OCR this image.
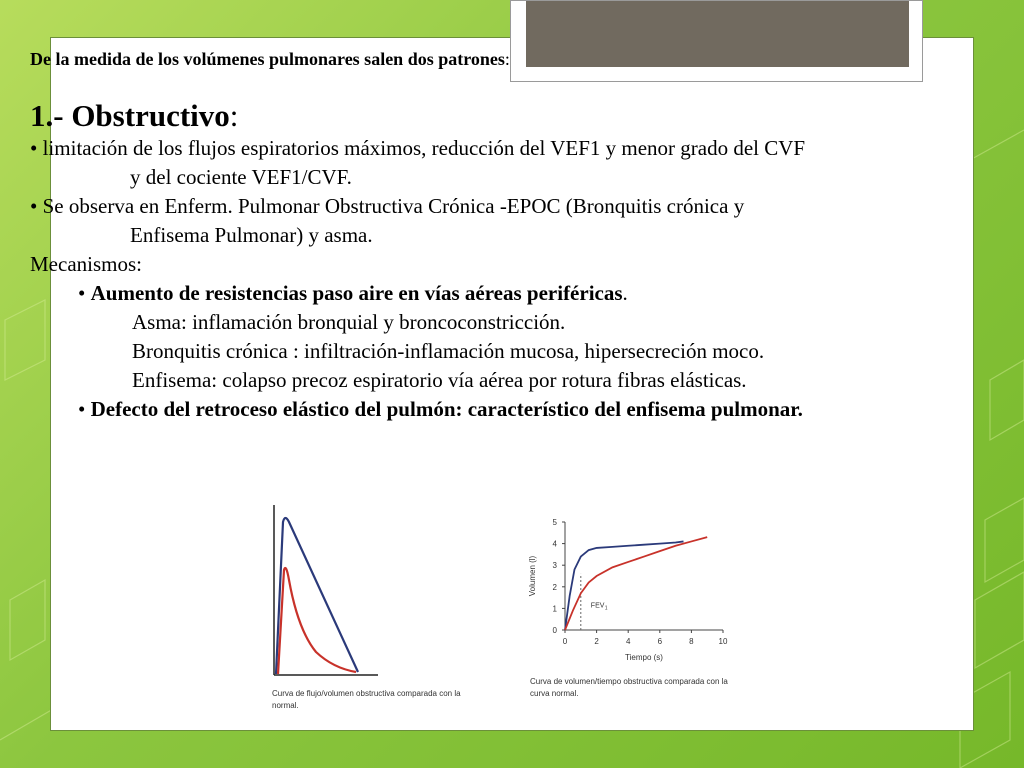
De la medida de los volúmenes pulmonares salen dos patrones:

1.- Obstructivo:

• limitación de los flujos espiratorios máximos, reducción del VEF1 y menor grado del CVF

y del cociente VEF1/CVF.

• Se observa en Enferm. Pulmonar Obstructiva Crónica -EPOC (Bronquitis crónica y

Enfisema Pulmonar) y asma.

Mecanismos:

• Aumento de resistencias paso aire en vías aéreas periféricas.

Asma: inflamación bronquial y broncoconstricción.

Bronquitis crónica : infiltración-inflamación mucosa, hipersecreción moco.

Enfisema: colapso precoz espiratorio vía aérea por rotura fibras elásticas.

• Defecto del retroceso elástico del pulmón: característico del enfisema pulmonar.

Curva de flujo/volumen obstructiva comparada con la
normal.
0
1
2
3
4
5
0	2	4	6	8	10
Tiempo (s)
Volumen (l)
FEV 1
Curva de volumen/tiempo obstructiva comparada con la
curva normal.
